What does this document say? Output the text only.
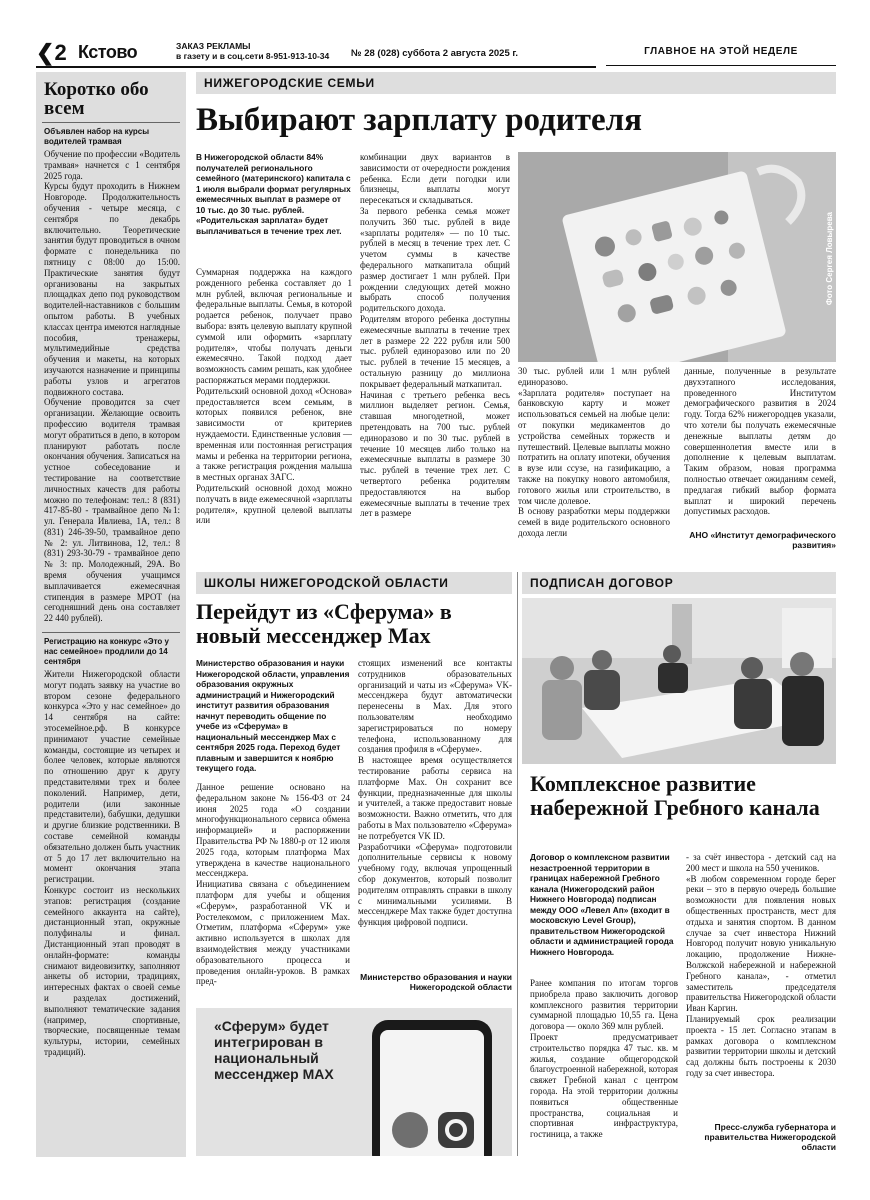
❮2 Кстово	ЗАКАЗ РЕКЛАМЫ
в газету и в соц.сети 8-951-913-10-34	№ 28 (028) суббота 2 августа 2025 г.	ГЛАВНОЕ НА ЭТОЙ НЕДЕЛЕ
Коротко обо всем
Объявлен набор на курсы водителей трамвая
Обучение по профессии «Водитель трамвая» начнется с 1 сентября 2025 года.
Курсы будут проходить в Нижнем Новгороде. Продолжительность обучения - четыре месяца, с сентября по декабрь включительно. Теоретические занятия будут проводиться в очном формате с понедельника по пятницу с 08:00 до 15:00. Практические занятия будут организованы на закрытых площадках депо под руководством водителей-наставников с большим опытом работы. В учебных классах центра имеются наглядные пособия, тренажеры, мультимедийные средства обучения и макеты, на которых изучаются назначение и принципы работы узлов и агрегатов подвижного состава.
Обучение проводится за счет организации. Желающие освоить профессию водителя трамвая могут обратиться в депо, в котором планируют работать после окончания обучения. Записаться на устное собеседование и тестирование на соответствие личностных качеств для работы можно по телефонам: тел.: 8 (831) 417-85-80 - трамвайное депо №1: ул. Генерала Ивлиева, 1А, тел.: 8 (831) 246-39-50, трамвайное депо № 2: ул. Литвинова, 12, тел.: 8 (831) 293-30-79 - трамвайное депо № 3: пр. Молодежный, 29А. Во время обучения учащимся выплачивается ежемесячная стипендия в размере МРОТ (на сегодняшний день она составляет 22 440 рублей).
Регистрацию на конкурс «Это у нас семейное» продлили до 14 сентября
Жители Нижегородской области могут подать заявку на участие во втором сезоне федерального конкурса «Это у нас семейное» до 14 сентября на сайте: этосемейное.рф. В конкурсе принимают участие семейные команды, состоящие из четырех и более человек, которые являются по отношению друг к другу представителями трех и более поколений. Например, дети, родители (или законные представители), бабушки, дедушки и другие близкие родственники. В составе семейной команды обязательно должен быть участник от 5 до 17 лет включительно на момент окончания этапа регистрации.
Конкурс состоит из нескольких этапов: регистрация (создание семейного аккаунта на сайте), дистанционный этап, окружные полуфиналы и финал. Дистанционный этап проводят в онлайн-формате: команды снимают видеовизитку, заполняют анкеты об истории, традициях, интересных фактах о своей семье и разделах достижений, выполняют тематические задания (например, спортивные, творческие, посвященные темам культуры, истории, семейных традиций).
НИЖЕГОРОДСКИЕ СЕМЬИ
Выбирают зарплату родителя
В Нижегородской области 84% получателей регионального семейного (материнского) капитала с 1 июля выбрали формат регулярных ежемесячных выплат в размере от 10 тыс. до 30 тыс. рублей. «Родительская зарплата» будет выплачиваться в течение трех лет.
Суммарная поддержка на каждого рожденного ребенка составляет до 1 млн рублей, включая региональные и федеральные выплаты. Семья, в которой родается ребенок, получает право выбора: взять целевую выплату крупной суммой или оформить «зарплату родителя», чтобы получать деньги ежемесячно. Такой подход дает возможность самим решать, как удобнее распоряжаться мерами поддержки.
Родительский основной доход «Основа» предоставляется всем семьям, в которых появился ребенок, вне зависимости от критериев нуждаемости. Единственные условия — временная или постоянная регистрация мамы и ребенка на территории региона, а также регистрация рождения малыша в местных органах ЗАГС.
Родительский основной доход можно получать в виде ежемесячной «зарплаты родителя», крупной целевой выплаты или
комбинации двух вариантов в зависимости от очередности рождения ребенка. Если дети погодки или близнецы, выплаты могут пересекаться и складываться.
За первого ребенка семья может получить 360 тыс. рублей в виде «зарплаты родителя» — по 10 тыс. рублей в месяц в течение трех лет. С учетом суммы в качестве федерального маткапитала общий размер достигает 1 млн рублей. При рождении следующих детей можно выбрать способ получения родительского дохода.
Родителям второго ребенка доступны ежемесячные выплаты в течение трех лет в размере 22 222 рубля или 500 тыс. рублей единоразово или по 20 тыс. рублей в течение 15 месяцев, а остальную разницу до миллиона покрывает федеральный маткапитал.
Начиная с третьего ребенка весь миллион выделяет регион. Семья, ставшая многодетной, может претендовать на 700 тыс. рублей единоразово и по 30 тыс. рублей в течение 10 месяцев либо только на ежемесячные выплаты в размере 30 тыс. рублей в течение трех лет. С четвертого ребенка родителям предоставляются на выбор ежемесячные выплаты в течение трех лет в размере
Фото Сергея Ловырева
30 тыс. рублей или 1 млн рублей единоразово.
«Зарплата родителя» поступает на банковскую карту и может использоваться семьей на любые цели: от покупки медикаментов до устройства семейных торжеств и путешествий. Целевые выплаты можно потратить на оплату ипотеки, обучения в вузе или ссузе, на газификацию, а также на покупку нового автомобиля, готового жилья или строительство, в том числе долевое.
В основу разработки меры поддержки семей в виде родительского основного дохода легли
данные, полученные в результате двухэтапного исследования, проведенного Институтом демографического развития в 2024 году. Тогда 62% нижегородцев указали, что хотели бы получать ежемесячные денежные выплаты детям до совершеннолетия вместе или в дополнение к целевым выплатам. Таким образом, новая программа полностью отвечает ожиданиям семей, предлагая гибкий выбор формата выплат и широкий перечень допустимых расходов.
АНО «Институт демографического развития»
ШКОЛЫ НИЖЕГОРОДСКОЙ ОБЛАСТИ
Перейдут из «Сферума» в новый мессенджер Max
Министерство образования и науки Нижегородской области, управления образования окружных администраций и Нижегородский институт развития образования начнут переводить общение по учебе из «Сферума» в национальный мессенджер Max с сентября 2025 года. Переход будет плавным и завершится к ноябрю текущего года.
Данное решение основано на федеральном законе № 156-ФЗ от 24 июня 2025 года «О создании многофункционального сервиса обмена информацией» и распоряжении Правительства РФ № 1880-р от 12 июля 2025 года, которым платформа Max утверждена в качестве национального мессенджера.
Инициатива связана с объединением платформ для учебы и общения «Сферум», разработанной VK и Ростелекомом, с приложением Max. Отметим, платформа «Сферум» уже активно используется в школах для взаимодействия между участниками образовательного процесса и проведения онлайн-уроков. В рамках пред-
стоящих изменений все контакты сотрудников образовательных организаций и чаты из «Сферума» VK-мессенджера будут автоматически перенесены в Max. Для этого пользователям необходимо зарегистрироваться по номеру телефона, использованному для создания профиля в «Сферуме».
В настоящее время осуществляется тестирование работы сервиса на платформе Max. Он сохранит все функции, предназначенные для школы и учителей, а также предоставит новые возможности. Важно отметить, что для работы в Max пользователю «Сферума» не потребуется VK ID.
Разработчики «Сферума» подготовили дополнительные сервисы к новому учебному году, включая упрощенный сбор документов, который позволит родителям отправлять справки в школу с минимальными усилиями. В мессенджере Max также будет доступна функция цифровой подписи.
Министерство образования и науки Нижегородской области
«Сферум» будет интегрирован в национальный мессенджер MAX
ПОДПИСАН ДОГОВОР
Комплексное развитие набережной Гребного канала
Договор о комплексном развитии незастроенной территории в границах набережной Гребного канала (Нижегородский район Нижнего Новгорода) подписан между ООО «Левел Ап» (входит в московскую Level Group), правительством Нижегородской области и администрацией города Нижнего Новгорода.
Ранее компания по итогам торгов приобрела право заключить договор комплексного развития территории суммарной площадью 10,55 га. Цена договора — около 369 млн рублей.
Проект предусматривает строительство порядка 47 тыс. кв. м жилья, создание общегородской благоустроенной набережной, которая свяжет Гребной канал с центром города. На этой территории должны появиться общественные пространства, социальная и спортивная инфраструктура, гостиница, а также
- за счёт инвестора - детский сад на 200 мест и школа на 550 учеников.
«В любом современном городе берег реки – это в первую очередь большие возможности для появления новых общественных пространств, мест для отдыха и занятия спортом. В данном случае за счет инвестора Нижний Новгород получит новую уникальную локацию, продолжение Нижне-Волжской набережной и набережной Гребного канала», - отметил заместитель председателя правительства Нижегородской области Иван Каргин.
Планируемый срок реализации проекта - 15 лет. Согласно этапам в рамках договора о комплексном развитии территории школы и детский сад должны быть построены к 2030 году за счет инвестора.
Пресс-служба губернатора и правительства Нижегородской области
